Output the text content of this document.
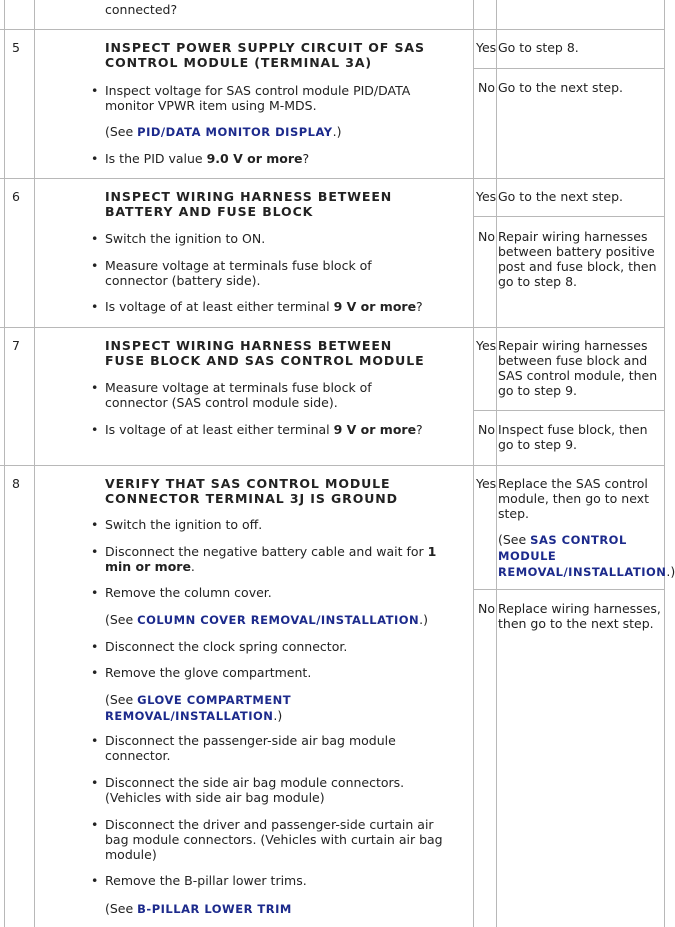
connected?
5	INSPECT POWER SUPPLY CIRCUIT OF SAS CONTROL MODULE (TERMINAL 3A)
• Inspect voltage for SAS control module PID/DATA monitor VPWR item using M-MDS.
(See PID/DATA MONITOR DISPLAY.)
• Is the PID value 9.0 V or more?
Yes Go to step 8.
No Go to the next step.
6	INSPECT WIRING HARNESS BETWEEN BATTERY AND FUSE BLOCK
• Switch the ignition to ON.
• Measure voltage at terminals fuse block of connector (battery side).
• Is voltage of at least either terminal 9 V or more?
Yes Go to the next step.
No Repair wiring harnesses between battery positive post and fuse block, then go to step 8.
7	INSPECT WIRING HARNESS BETWEEN FUSE BLOCK AND SAS CONTROL MODULE
• Measure voltage at terminals fuse block of connector (SAS control module side).
• Is voltage of at least either terminal 9 V or more?
Yes Repair wiring harnesses between fuse block and SAS control module, then go to step 9.
No Inspect fuse block, then go to step 9.
8	VERIFY THAT SAS CONTROL MODULE CONNECTOR TERMINAL 3J IS GROUND
• Switch the ignition to off.
• Disconnect the negative battery cable and wait for 1 min or more.
• Remove the column cover.
(See COLUMN COVER REMOVAL/INSTALLATION.)
• Disconnect the clock spring connector.
• Remove the glove compartment.
(See GLOVE COMPARTMENT REMOVAL/INSTALLATION.)
• Disconnect the passenger-side air bag module connector.
• Disconnect the side air bag module connectors. (Vehicles with side air bag module)
• Disconnect the driver and passenger-side curtain air bag module connectors. (Vehicles with curtain air bag module)
• Remove the B-pillar lower trims.
(See B-PILLAR LOWER TRIM
Yes Replace the SAS control module, then go to next step.
(See SAS CONTROL MODULE REMOVAL/INSTALLATION.)
No Replace wiring harnesses, then go to the next step.
